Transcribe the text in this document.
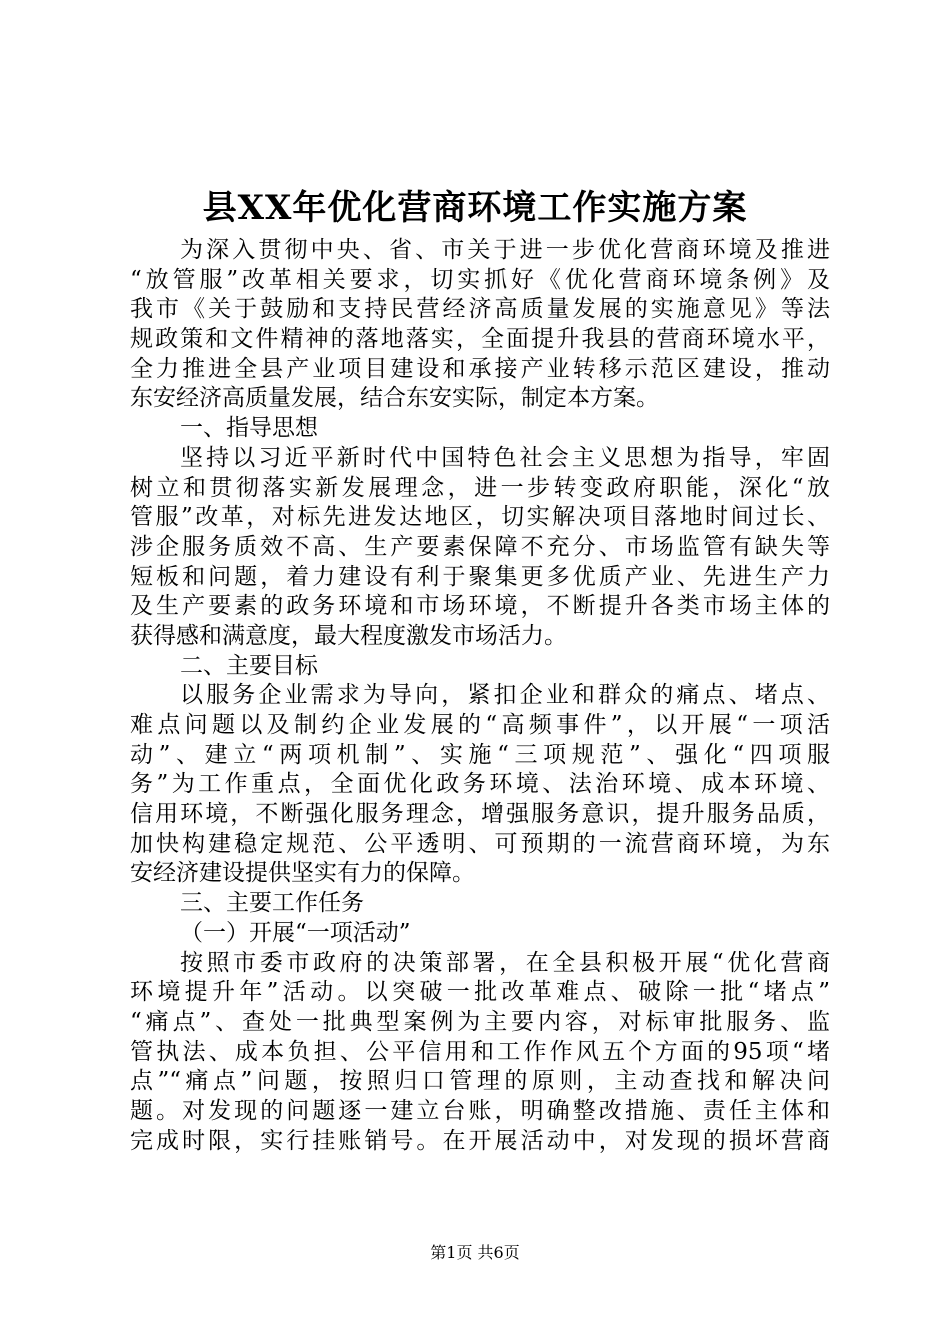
县XX年优化营商环境工作实施方案
为深入贯彻中央、省、市关于进一步优化营商环境及推进
“放管服”改革相关要求，切实抓好《优化营商环境条例》及
我市《关于鼓励和支持民营经济高质量发展的实施意见》等法
规政策和文件精神的落地落实，全面提升我县的营商环境水平，
全力推进全县产业项目建设和承接产业转移示范区建设，推动
东安经济高质量发展，结合东安实际，制定本方案。
一、指导思想
坚持以习近平新时代中国特色社会主义思想为指导，牢固
树立和贯彻落实新发展理念，进一步转变政府职能，深化“放
管服”改革，对标先进发达地区，切实解决项目落地时间过长、
涉企服务质效不高、生产要素保障不充分、市场监管有缺失等
短板和问题，着力建设有利于聚集更多优质产业、先进生产力
及生产要素的政务环境和市场环境，不断提升各类市场主体的
获得感和满意度，最大程度激发市场活力。
二、主要目标
以服务企业需求为导向，紧扣企业和群众的痛点、堵点、
难点问题以及制约企业发展的“高频事件”，以开展“一项活
动”、建立“两项机制”、实施“三项规范”、强化“四项服
务”为工作重点，全面优化政务环境、法治环境、成本环境、
信用环境，不断强化服务理念，增强服务意识，提升服务品质，
加快构建稳定规范、公平透明、可预期的一流营商环境，为东
安经济建设提供坚实有力的保障。
三、主要工作任务
（一）开展“一项活动”
按照市委市政府的决策部署，在全县积极开展“优化营商
环境提升年”活动。以突破一批改革难点、破除一批“堵点”
“痛点”、查处一批典型案例为主要内容，对标审批服务、监
管执法、成本负担、公平信用和工作作风五个方面的95项“堵
点”“痛点”问题，按照归口管理的原则，主动查找和解决问
题。对发现的问题逐一建立台账，明确整改措施、责任主体和
完成时限，实行挂账销号。在开展活动中，对发现的损坏营商
第1页 共6页
